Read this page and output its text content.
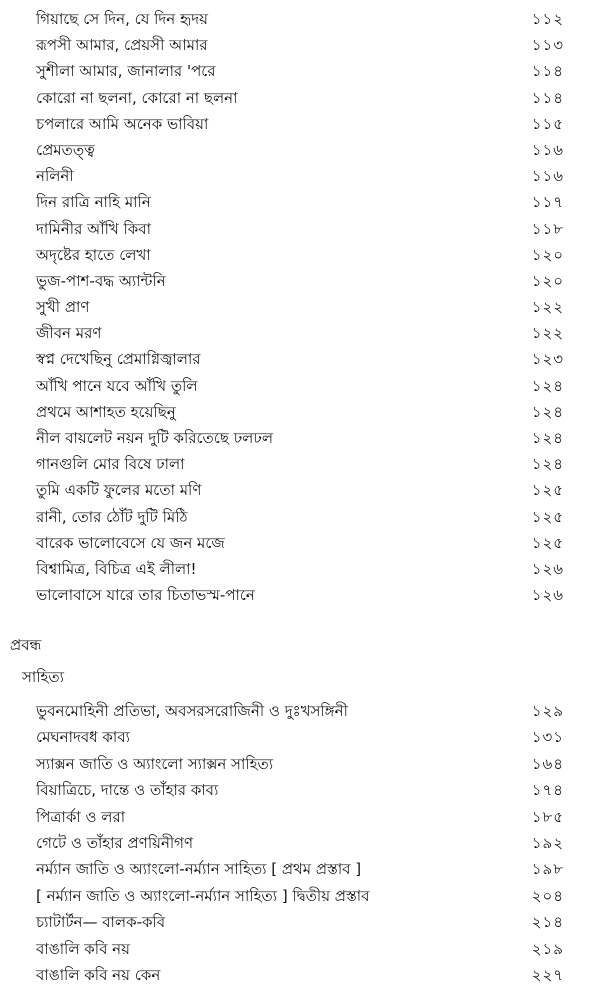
গিয়াছে সে দিন, যে দিন হৃদয়	১১২
রূপসী আমার, প্রেয়সী আমার	১১৩
সুশীলা আমার, জানালার 'পরে	১১৪
কোরো না ছলনা, কোরো না ছলনা	১১৪
চপলারে আমি অনেক ভাবিয়া	১১৫
প্রেমতত্ত্ব	১১৬
নলিনী	১১৬
দিন রাত্রি নাহি মানি	১১৭
দামিনীর আঁখি কিবা	১১৮
অদৃষ্টের হাতে লেখা	১২০
ভুজ-পাশ-বদ্ধ অ্যান্টনি	১২০
সুখী প্রাণ	১২২
জীবন মরণ	১২২
স্বপ্ন দেখেছিনু প্রেমাগ্নিজ্বালার	১২৩
আঁখি পানে যবে আঁখি তুলি	১২৪
প্রথমে আশাহত হয়েছিনু	১২৪
নীল বায়লেট নয়ন দুটি করিতেছে ঢলঢল	১২৪
গানগুলি মোর বিষে ঢালা	১২৪
তুমি একটি ফুলের মতো মণি	১২৫
রানী, তোর ঠোঁট দুটি মিঠি	১২৫
বারেক ভালোবেসে যে জন মজে	১২৫
বিশ্বামিত্র, বিচিত্র এই লীলা!	১২৬
ভালোবাসে যারে তার চিতাভস্ম-পানে	১২৬
প্রবন্ধ
সাহিত্য
ভুবনমোহিনী প্রতিভা, অবসরসরোজিনী ও দুঃখসঙ্গিনী	১২৯
মেঘনাদবধ কাব্য	১৩১
স্যাক্সন জাতি ও অ্যাংলো স্যাক্সন সাহিত্য	১৬৪
বিয়াত্রিচে, দান্তে ও তাঁহার কাব্য	১৭৪
পিত্রার্কা ও লরা	১৮৫
গেটে ও তাঁহার প্রণয়িনীগণ	১৯২
নর্ম্যান জাতি ও অ্যাংলো-নর্ম্যান সাহিত্য [ প্রথম প্রস্তাব ]	১৯৮
[ নর্ম্যান জাতি ও অ্যাংলো-নর্ম্যান সাহিত্য ] দ্বিতীয় প্রস্তাব	২০৪
চ্যাটার্টন— বালক-কবি	২১৪
বাঙালি কবি নয়	২১৯
বাঙালি কবি নয় কেন	২২৭
